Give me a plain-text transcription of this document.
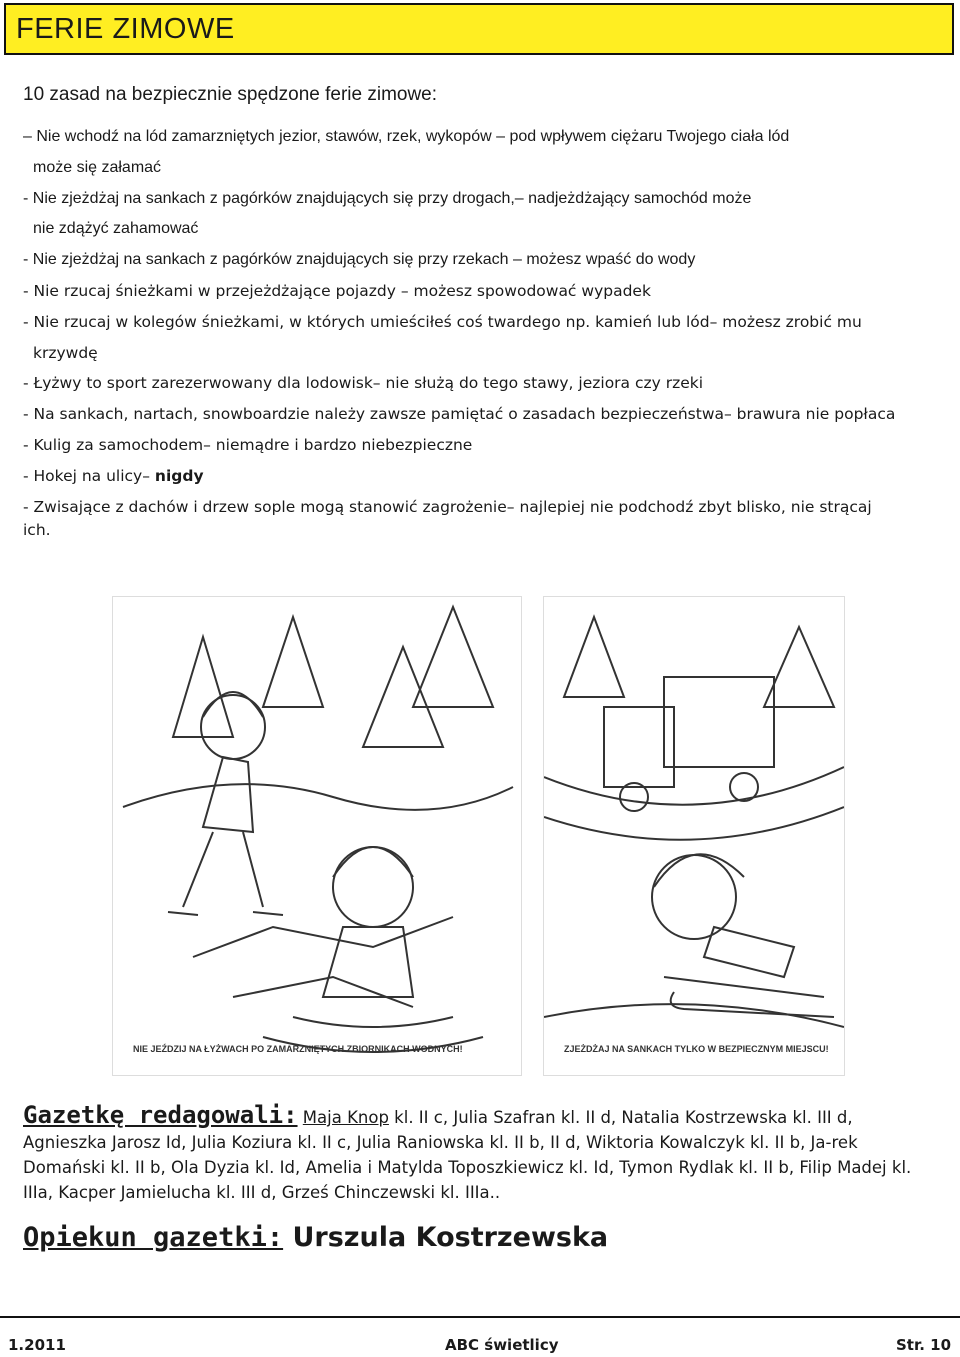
FERIE ZIMOWE
10 zasad na bezpiecznie spędzone ferie zimowe:
– Nie wchodź na lód zamarzniętych jezior, stawów, rzek, wykopów – pod wpływem ciężaru Twojego ciała lód
może się załamać
- Nie zjeżdżaj na sankach z pagórków znajdujących się przy drogach,– nadjeżdżający samochód może
nie zdążyć zahamować
- Nie zjeżdżaj na sankach z pagórków znajdujących się przy rzekach – możesz wpaść do wody
- Nie rzucaj śnieżkami w przejeżdżające pojazdy – możesz spowodować wypadek
- Nie rzucaj w kolegów śnieżkami, w których umieściłeś coś twardego np. kamień lub lód– możesz zrobić mu
krzywdę
- Łyżwy to sport zarezerwowany dla lodowisk– nie służą do tego stawy, jeziora czy rzeki
- Na sankach, nartach, snowboardzie należy zawsze pamiętać o zasadach bezpieczeństwa– brawura nie popłaca
- Kulig za samochodem– niemądre i bardzo niebezpieczne
- Hokej na ulicy– nigdy
- Zwisające z dachów i drzew sople mogą stanowić zagrożenie– najlepiej nie podchodź zbyt blisko, nie strącaj
ich.
NIE JEŹDZIJ NA ŁYŻWACH PO ZAMARZNIĘTYCH ZBIORNIKACH WODNYCH!	ZJEŻDŻAJ NA SANKACH TYLKO W BEZPIECZNYM MIEJSCU!
Gazetkę redagowali: Maja Knop kl. II c, Julia Szafran kl. II d, Natalia Kostrzewska kl. III d, Agnieszka Jarosz Id, Julia Koziura kl. II c, Julia Raniowska kl. II b, II d, Wiktoria Kowalczyk kl. II b, Ja-rek Domański kl. II b, Ola Dyzia kl. Id, Amelia i Matylda Toposzkiewicz kl. Id, Tymon Rydlak kl. II b, Filip Madej kl. IIIa, Kacper Jamielucha kl. III d, Grześ Chinczewski kl. IIIa..
Opiekun gazetki: Urszula Kostrzewska
1.2011	ABC świetlicy	Str. 10
